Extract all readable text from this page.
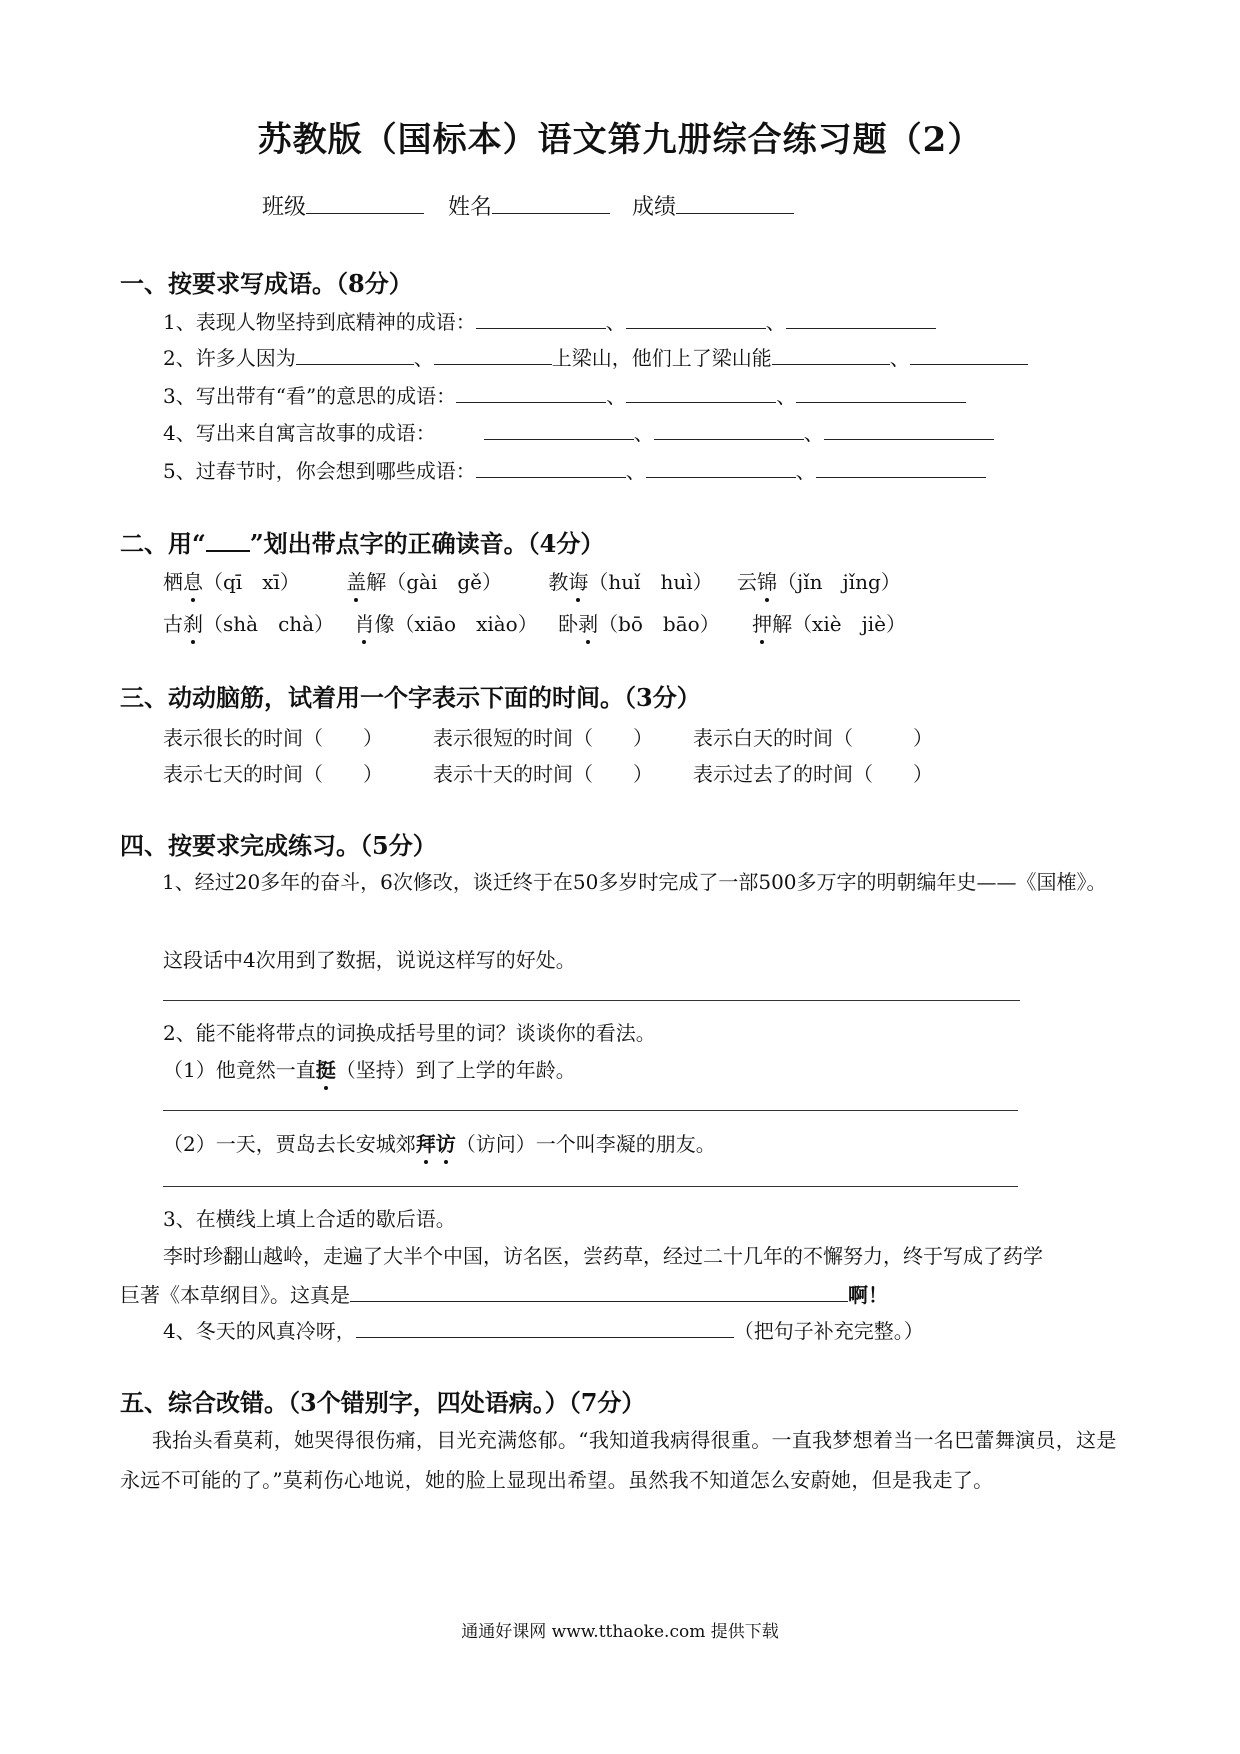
苏教版（国标本）语文第九册综合练习题（2）
班级	姓名	成绩
一、按要求写成语。（8分）
1、表现人物坚持到底精神的成语：	、	、
2、许多人因为	、	上梁山，他们上了梁山能	、
3、写出带有“看”的意思的成语：	、	、
4、写出来自寓言故事的成语：	、	、
5、过春节时，你会想到哪些成语：	、	、
二、用“ ”划出带点字的正确读音。（4分）
栖息（qī　xī） 盖解（gài　gě） 教诲（huǐ　huì） 云锦（jǐn　jǐng）
古刹（shà　chà） 肖像（xiāo　xiào） 卧剥（bō　bāo） 押解（xiè　jiè）
三、动动脑筋，试着用一个字表示下面的时间。（3分）
表示很长的时间（　　）	表示很短的时间（　　） 表示白天的时间（　　　）
表示七天的时间（　　）	表示十天的时间（　　） 表示过去了的时间（　　）
四、按要求完成练习。（5分）
1、经过20多年的奋斗，6次修改，谈迁终于在50多岁时完成了一部500多万字的明朝编年史——《国榷》。
这段话中4次用到了数据，说说这样写的好处。
2、能不能将带点的词换成括号里的词？谈谈你的看法。
（1）他竟然一直挺（坚持）到了上学的年龄。
（2）一天，贾岛去长安城郊拜访（访问）一个叫李凝的朋友。
3、在横线上填上合适的歇后语。
李时珍翻山越岭，走遍了大半个中国，访名医，尝药草，经过二十几年的不懈努力，终于写成了药学
巨著《本草纲目》。这真是	啊！
4、冬天的风真冷呀，	（把句子补充完整。）
五、综合改错。（3个错别字，四处语病。）（7分）
我抬头看莫莉，她哭得很伤痛，目光充满悠郁。“我知道我病得很重。一直我梦想着当一名巴蕾舞演员，这是永远不可能的了。”莫莉伤心地说，她的脸上显现出希望。虽然我不知道怎么安蔚她，但是我走了。
通通好课网 www.tthaoke.com 提供下载
